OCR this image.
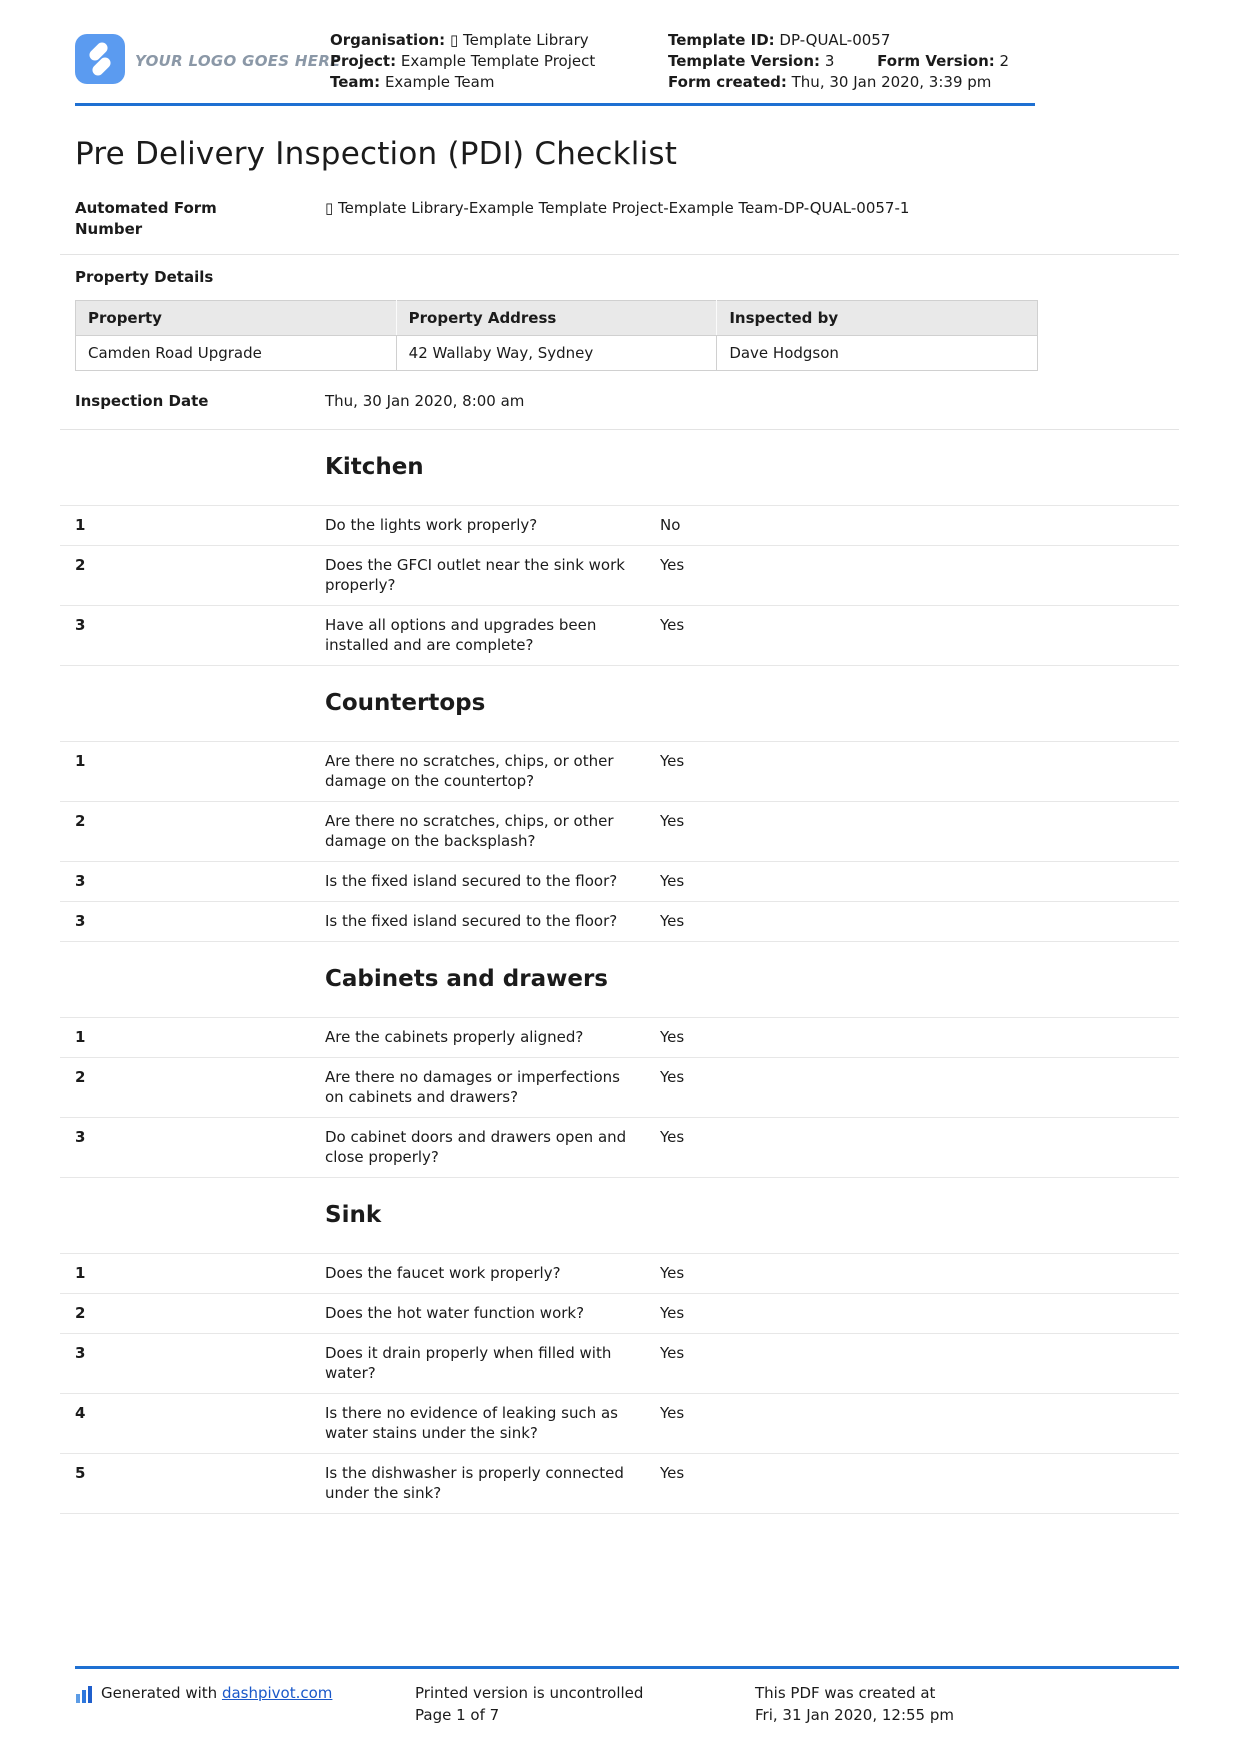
YOUR LOGO GOES HERE
Organisation: ▯ Template Library
Project: Example Template Project
Team: Example Team
Template ID: DP-QUAL-0057
Template Version: 3	Form Version: 2
Form created: Thu, 30 Jan 2020, 3:39 pm
Pre Delivery Inspection (PDI) Checklist
Automated Form Number
▯ Template Library-Example Template Project-Example Team-DP-QUAL-0057-1
Property Details
Property	Property Address	Inspected by
Camden Road Upgrade	42 Wallaby Way, Sydney	Dave Hodgson
Inspection Date	Thu, 30 Jan 2020, 8:00 am
Kitchen
1	Do the lights work properly?	No
2	Does the GFCI outlet near the sink work properly?
Yes
3	Have all options and upgrades been installed and are complete?
Yes
Countertops
1	Are there no scratches, chips, or other damage on the countertop?
Yes
2	Are there no scratches, chips, or other damage on the backsplash?
Yes
3	Is the fixed island secured to the floor?	Yes
3	Is the fixed island secured to the floor?	Yes
Cabinets and drawers
1	Are the cabinets properly aligned?	Yes
2	Are there no damages or imperfections on cabinets and drawers?
Yes
3	Do cabinet doors and drawers open and close properly?
Yes
Sink
1	Does the faucet work properly?	Yes
2	Does the hot water function work?	Yes
3	Does it drain properly when filled with water?
Yes
4	Is there no evidence of leaking such as water stains under the sink?
Yes
5	Is the dishwasher is properly connected under the sink?
Yes
Generated with dashpivot.com	Printed version is uncontrolled
Page 1 of 7
This PDF was created at
Fri, 31 Jan 2020, 12:55 pm
